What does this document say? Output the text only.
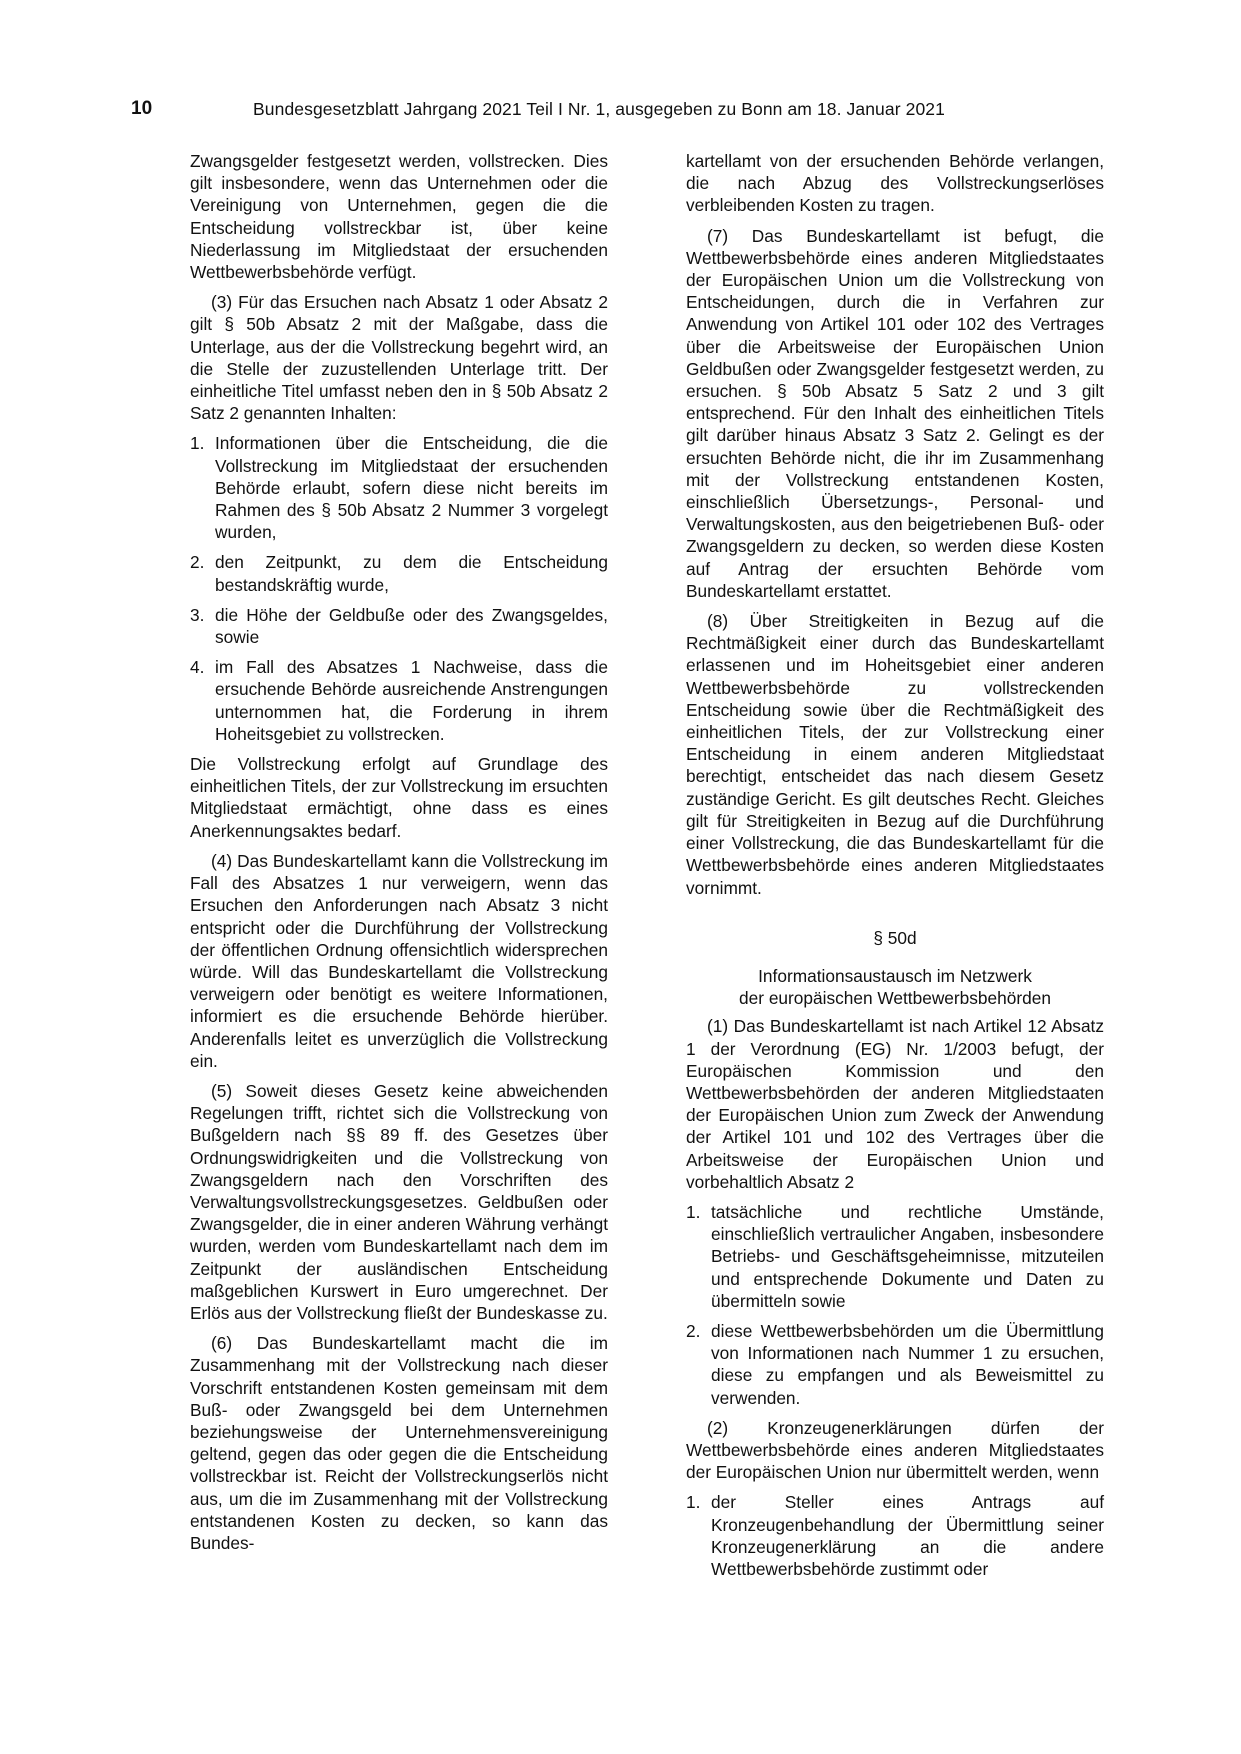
10	Bundesgesetzblatt Jahrgang 2021 Teil I Nr. 1, ausgegeben zu Bonn am 18. Januar 2021

Zwangsgelder festgesetzt werden, vollstrecken. Dies gilt insbesondere, wenn das Unternehmen oder die Vereinigung von Unternehmen, gegen die die Entscheidung vollstreckbar ist, über keine Niederlassung im Mitgliedstaat der ersuchenden Wettbewerbsbehörde verfügt.

(3) Für das Ersuchen nach Absatz 1 oder Absatz 2 gilt § 50b Absatz 2 mit der Maßgabe, dass die Unterlage, aus der die Vollstreckung begehrt wird, an die Stelle der zuzustellenden Unterlage tritt. Der einheitliche Titel umfasst neben den in § 50b Absatz 2 Satz 2 genannten Inhalten:

1. Informationen über die Entscheidung, die die Vollstreckung im Mitgliedstaat der ersuchenden Behörde erlaubt, sofern diese nicht bereits im Rahmen des § 50b Absatz 2 Nummer 3 vorgelegt wurden,
2. den Zeitpunkt, zu dem die Entscheidung bestandskräftig wurde,
3. die Höhe der Geldbuße oder des Zwangsgeldes, sowie
4. im Fall des Absatzes 1 Nachweise, dass die ersuchende Behörde ausreichende Anstrengungen unternommen hat, die Forderung in ihrem Hoheitsgebiet zu vollstrecken.

Die Vollstreckung erfolgt auf Grundlage des einheitlichen Titels, der zur Vollstreckung im ersuchten Mitgliedstaat ermächtigt, ohne dass es eines Anerkennungsaktes bedarf.

(4) Das Bundeskartellamt kann die Vollstreckung im Fall des Absatzes 1 nur verweigern, wenn das Ersuchen den Anforderungen nach Absatz 3 nicht entspricht oder die Durchführung der Vollstreckung der öffentlichen Ordnung offensichtlich widersprechen würde. Will das Bundeskartellamt die Vollstreckung verweigern oder benötigt es weitere Informationen, informiert es die ersuchende Behörde hierüber. Anderenfalls leitet es unverzüglich die Vollstreckung ein.

(5) Soweit dieses Gesetz keine abweichenden Regelungen trifft, richtet sich die Vollstreckung von Bußgeldern nach §§ 89 ff. des Gesetzes über Ordnungswidrigkeiten und die Vollstreckung von Zwangsgeldern nach den Vorschriften des Verwaltungsvollstreckungsgesetzes. Geldbußen oder Zwangsgelder, die in einer anderen Währung verhängt wurden, werden vom Bundeskartellamt nach dem im Zeitpunkt der ausländischen Entscheidung maßgeblichen Kurswert in Euro umgerechnet. Der Erlös aus der Vollstreckung fließt der Bundeskasse zu.

(6) Das Bundeskartellamt macht die im Zusammenhang mit der Vollstreckung nach dieser Vorschrift entstandenen Kosten gemeinsam mit dem Buß- oder Zwangsgeld bei dem Unternehmen beziehungsweise der Unternehmensvereinigung geltend, gegen das oder gegen die die Entscheidung vollstreckbar ist. Reicht der Vollstreckungserlös nicht aus, um die im Zusammenhang mit der Vollstreckung entstandenen Kosten zu decken, so kann das Bundes-

kartellamt von der ersuchenden Behörde verlangen, die nach Abzug des Vollstreckungserlöses verbleibenden Kosten zu tragen.

(7) Das Bundeskartellamt ist befugt, die Wettbewerbsbehörde eines anderen Mitgliedstaates der Europäischen Union um die Vollstreckung von Entscheidungen, durch die in Verfahren zur Anwendung von Artikel 101 oder 102 des Vertrages über die Arbeitsweise der Europäischen Union Geldbußen oder Zwangsgelder festgesetzt werden, zu ersuchen. § 50b Absatz 5 Satz 2 und 3 gilt entsprechend. Für den Inhalt des einheitlichen Titels gilt darüber hinaus Absatz 3 Satz 2. Gelingt es der ersuchten Behörde nicht, die ihr im Zusammenhang mit der Vollstreckung entstandenen Kosten, einschließlich Übersetzungs-, Personal- und Verwaltungskosten, aus den beigetriebenen Buß- oder Zwangsgeldern zu decken, so werden diese Kosten auf Antrag der ersuchten Behörde vom Bundeskartellamt erstattet.

(8) Über Streitigkeiten in Bezug auf die Rechtmäßigkeit einer durch das Bundeskartellamt erlassenen und im Hoheitsgebiet einer anderen Wettbewerbsbehörde zu vollstreckenden Entscheidung sowie über die Rechtmäßigkeit des einheitlichen Titels, der zur Vollstreckung einer Entscheidung in einem anderen Mitgliedstaat berechtigt, entscheidet das nach diesem Gesetz zuständige Gericht. Es gilt deutsches Recht. Gleiches gilt für Streitigkeiten in Bezug auf die Durchführung einer Vollstreckung, die das Bundeskartellamt für die Wettbewerbsbehörde eines anderen Mitgliedstaates vornimmt.

§ 50d
Informationsaustausch im Netzwerk
der europäischen Wettbewerbsbehörden

(1) Das Bundeskartellamt ist nach Artikel 12 Absatz 1 der Verordnung (EG) Nr. 1/2003 befugt, der Europäischen Kommission und den Wettbewerbsbehörden der anderen Mitgliedstaaten der Europäischen Union zum Zweck der Anwendung der Artikel 101 und 102 des Vertrages über die Arbeitsweise der Europäischen Union und vorbehaltlich Absatz 2

1. tatsächliche und rechtliche Umstände, einschließlich vertraulicher Angaben, insbesondere Betriebs- und Geschäftsgeheimnisse, mitzuteilen und entsprechende Dokumente und Daten zu übermitteln sowie
2. diese Wettbewerbsbehörden um die Übermittlung von Informationen nach Nummer 1 zu ersuchen, diese zu empfangen und als Beweismittel zu verwenden.

(2) Kronzeugenerklärungen dürfen der Wettbewerbsbehörde eines anderen Mitgliedstaates der Europäischen Union nur übermittelt werden, wenn

1. der Steller eines Antrags auf Kronzeugenbehandlung der Übermittlung seiner Kronzeugenerklärung an die andere Wettbewerbsbehörde zustimmt oder
